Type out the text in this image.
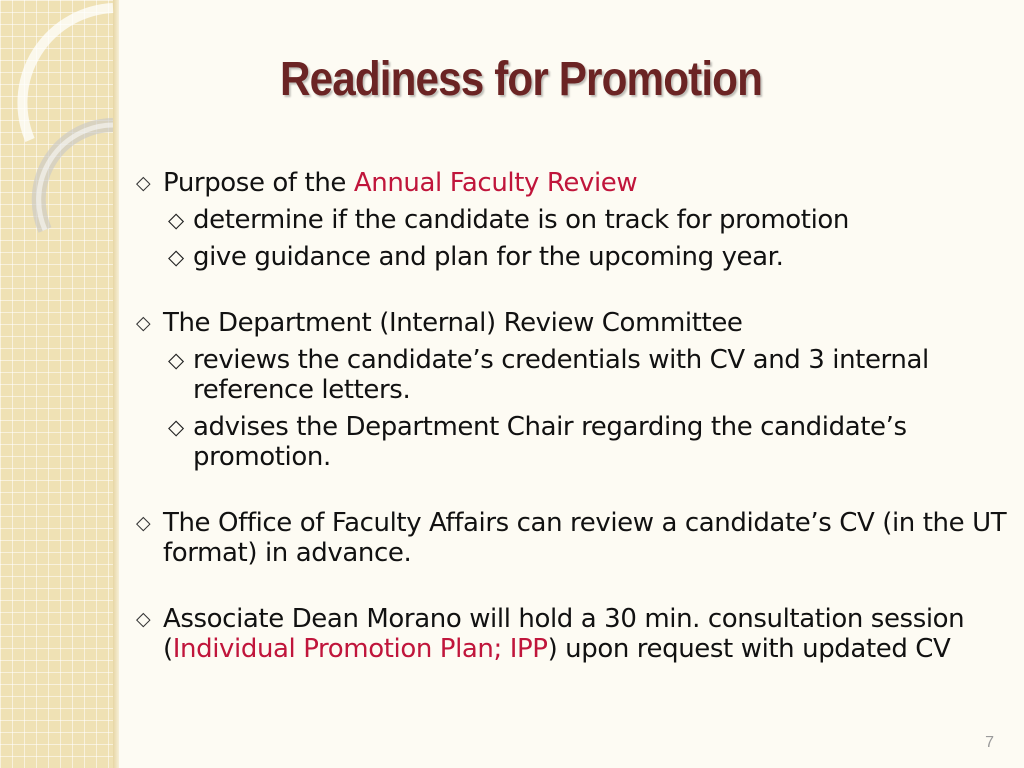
Readiness for Promotion
◇ Purpose of the Annual Faculty Review
◇ determine if the candidate is on track for promotion
◇ give guidance and plan for the upcoming year.
◇ The Department (Internal) Review Committee
◇ reviews the candidate’s credentials with CV and 3 internal reference letters.
◇ advises the Department Chair regarding the candidate’s promotion.
◇ The Office of Faculty Affairs can review a candidate’s CV (in the UT format) in advance.
◇ Associate Dean Morano will hold a 30 min. consultation session (Individual Promotion Plan; IPP) upon request with updated CV
7
